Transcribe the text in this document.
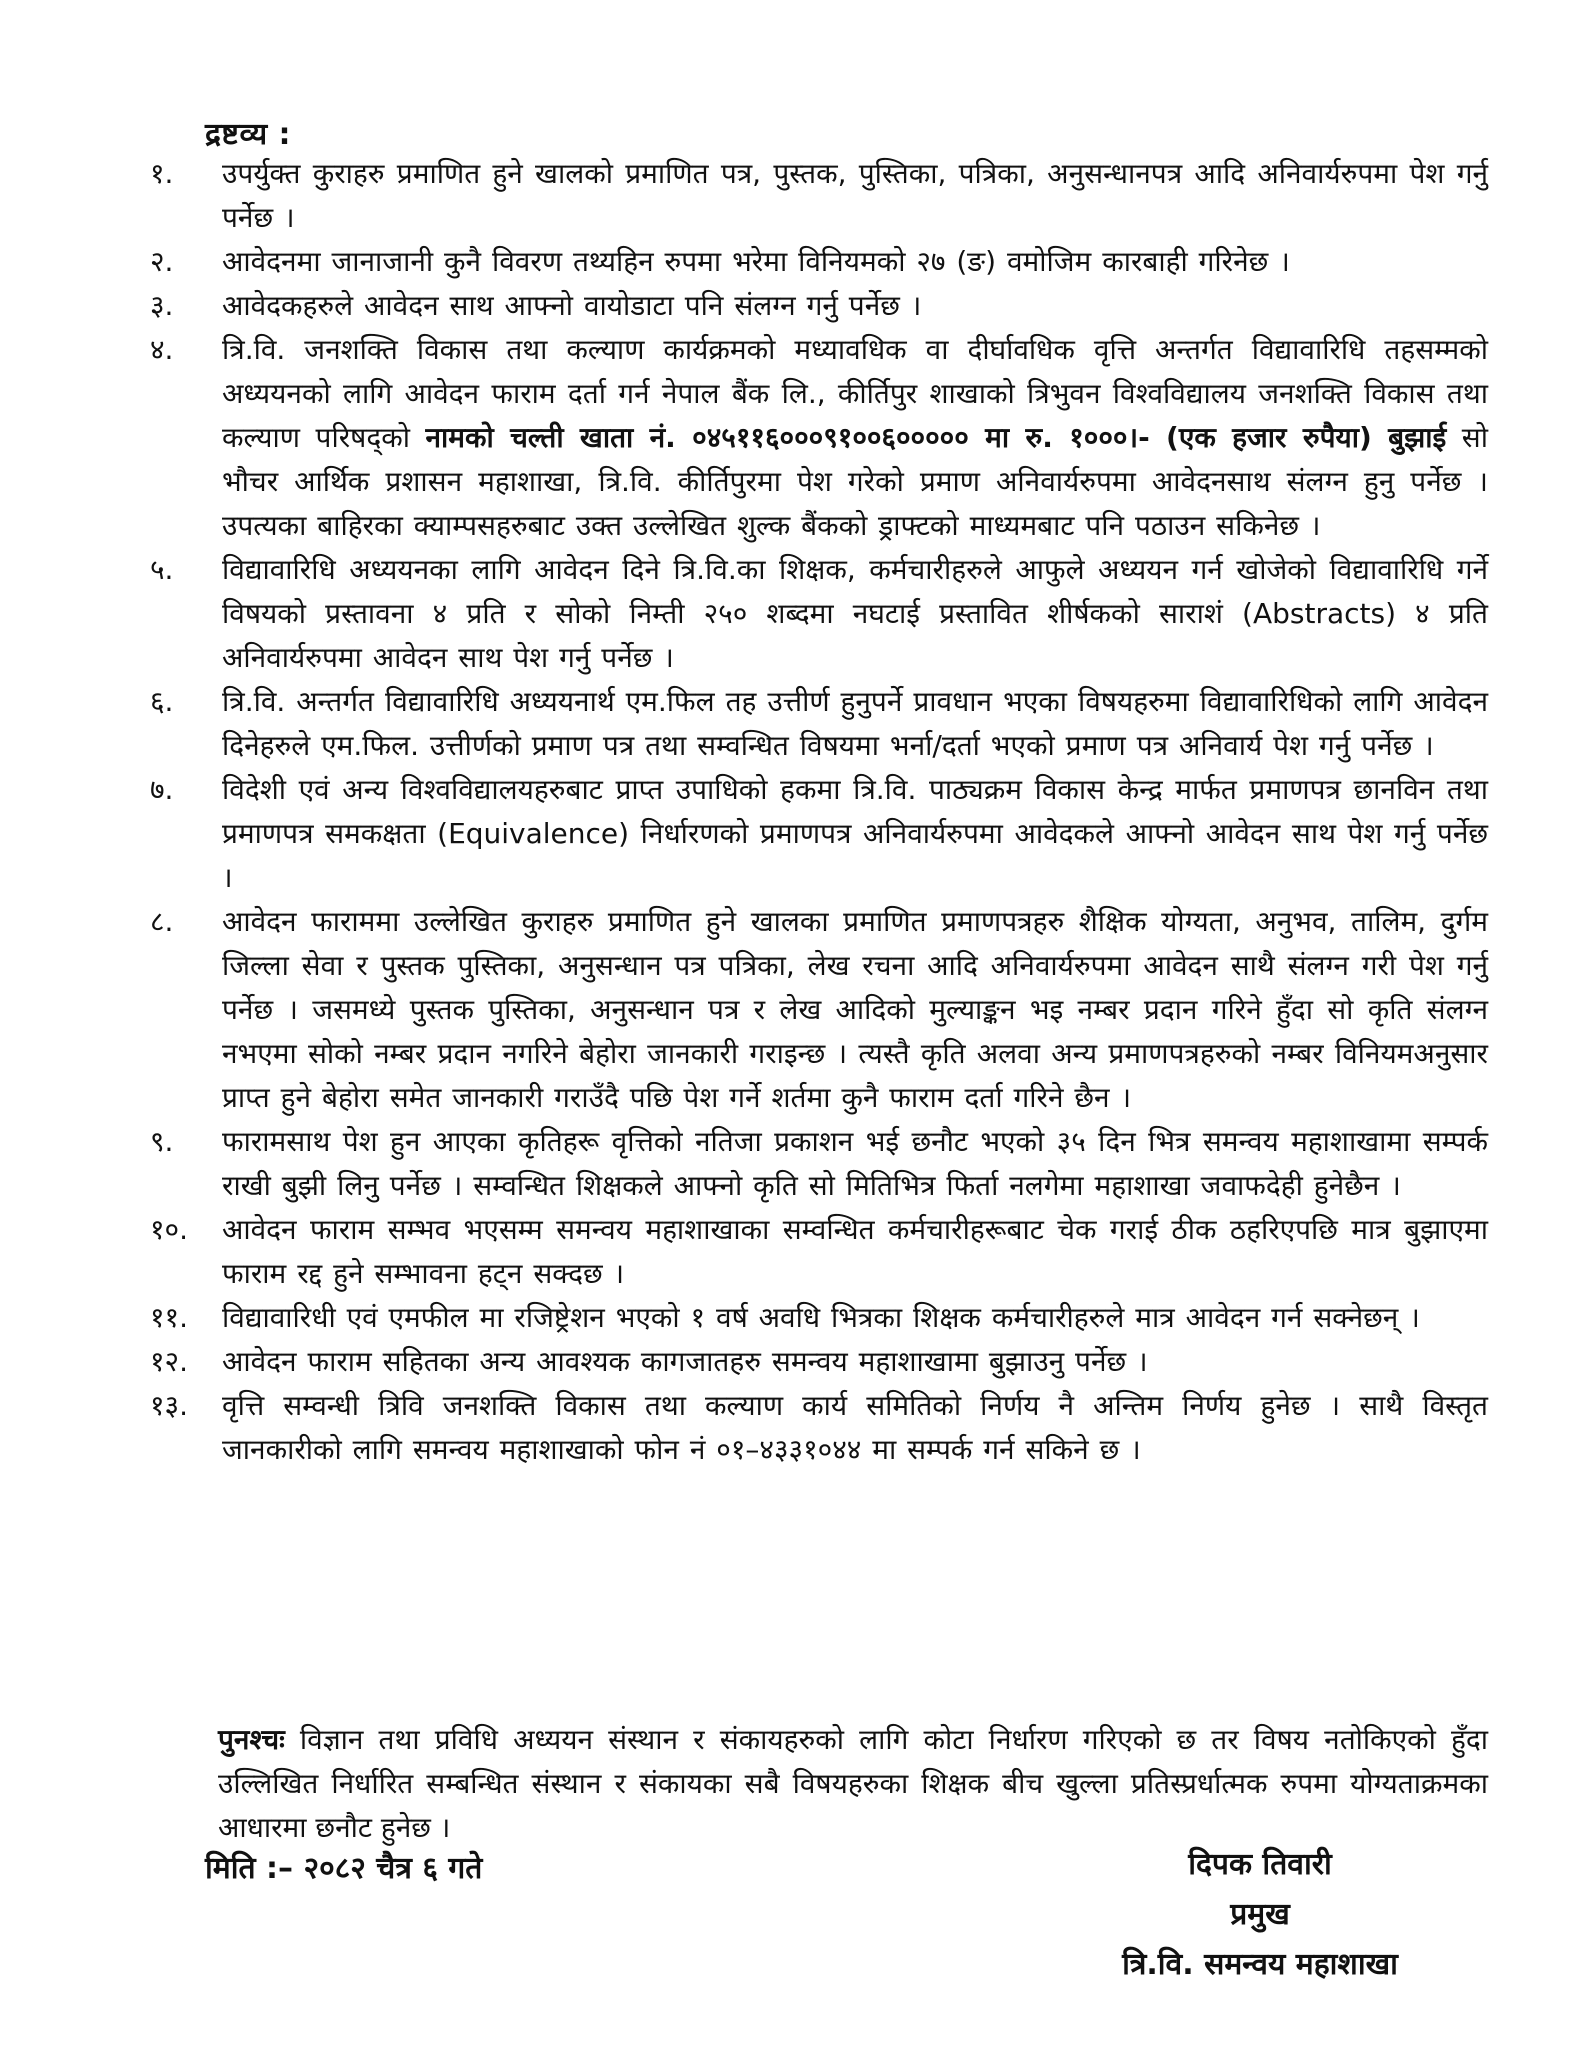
द्रष्टव्य :
१.	उपर्युक्त कुराहरु प्रमाणित हुने खालको प्रमाणित पत्र, पुस्तक, पुस्तिका, पत्रिका, अनुसन्धानपत्र आदि अनिवार्यरुपमा पेश गर्नु पर्नेछ ।
२.	आवेदनमा जानाजानी कुनै विवरण तथ्यहिन रुपमा भरेमा विनियमको २७ (ङ) वमोजिम कारबाही गरिनेछ ।
३.	आवेदकहरुले आवेदन साथ आफ्नो वायोडाटा पनि संलग्न गर्नु पर्नेछ ।
४.	त्रि.वि. जनशक्ति विकास तथा कल्याण कार्यक्रमको मध्यावधिक वा दीर्घावधिक वृत्ति अन्तर्गत विद्यावारिधि तहसम्मको अध्ययनको लागि आवेदन फाराम दर्ता गर्न नेपाल बैंक लि., कीर्तिपुर शाखाको त्रिभुवन विश्वविद्यालय जनशक्ति विकास तथा कल्याण परिषद्को नामको चल्ती खाता नं. ०४५११६०००९१००६००००० मा रु. १०००।- (एक हजार रुपैया) बुझाई सो भौचर आर्थिक प्रशासन महाशाखा, त्रि.वि. कीर्तिपुरमा पेश गरेको प्रमाण अनिवार्यरुपमा आवेदनसाथ संलग्न हुनु पर्नेछ । उपत्यका बाहिरका क्याम्पसहरुबाट उक्त उल्लेखित शुल्क बैंकको ड्राफ्टको माध्यमबाट पनि पठाउन सकिनेछ ।
५.	विद्यावारिधि अध्ययनका लागि आवेदन दिने त्रि.वि.का शिक्षक, कर्मचारीहरुले आफुले अध्ययन गर्न खोजेको विद्यावारिधि गर्ने विषयको प्रस्तावना ४ प्रति र सोको निम्ती २५० शब्दमा नघटाई प्रस्तावित शीर्षकको साराशं (Abstracts) ४ प्रति अनिवार्यरुपमा आवेदन साथ पेश गर्नु पर्नेछ ।
६.	त्रि.वि. अन्तर्गत विद्यावारिधि अध्ययनार्थ एम.फिल तह उत्तीर्ण हुनुपर्ने प्रावधान भएका विषयहरुमा विद्यावारिधिको लागि आवेदन दिनेहरुले एम.फिल. उत्तीर्णको प्रमाण पत्र तथा सम्वन्धित विषयमा भर्ना/दर्ता भएको प्रमाण पत्र अनिवार्य पेश गर्नु पर्नेछ ।
७.	विदेशी एवं अन्य विश्वविद्यालयहरुबाट प्राप्त उपाधिको हकमा त्रि.वि. पाठ्यक्रम विकास केन्द्र मार्फत प्रमाणपत्र छानविन तथा प्रमाणपत्र समकक्षता (Equivalence) निर्धारणको प्रमाणपत्र अनिवार्यरुपमा आवेदकले आफ्नो आवेदन साथ पेश गर्नु पर्नेछ ।
८.	आवेदन फाराममा उल्लेखित कुराहरु प्रमाणित हुने खालका प्रमाणित प्रमाणपत्रहरु शैक्षिक योग्यता, अनुभव, तालिम, दुर्गम जिल्ला सेवा र पुस्तक पुस्तिका, अनुसन्धान पत्र पत्रिका, लेख रचना आदि अनिवार्यरुपमा आवेदन साथै संलग्न गरी पेश गर्नु पर्नेछ । जसमध्ये पुस्तक पुस्तिका, अनुसन्धान पत्र र लेख आदिको मुल्याङ्कन भइ नम्बर प्रदान गरिने हुँदा सो कृति संलग्न नभएमा सोको नम्बर प्रदान नगरिने बेहोरा जानकारी गराइन्छ । त्यस्तै कृति अलवा अन्य प्रमाणपत्रहरुको नम्बर विनियमअनुसार प्राप्त हुने बेहोरा समेत जानकारी गराउँदै पछि पेश गर्ने शर्तमा कुनै फाराम दर्ता गरिने छैन ।
९.	फारामसाथ पेश हुन आएका कृतिहरू वृत्तिको नतिजा प्रकाशन भई छनौट भएको ३५ दिन भित्र समन्वय महाशाखामा सम्पर्क राखी बुझी लिनु पर्नेछ । सम्वन्धित शिक्षकले आफ्नो कृति सो मितिभित्र फिर्ता नलगेमा महाशाखा जवाफदेही हुनेछैन ।
१०.	आवेदन फाराम सम्भव भएसम्म समन्वय महाशाखाका सम्वन्धित कर्मचारीहरूबाट चेक गराई ठीक ठहरिएपछि मात्र बुझाएमा फाराम रद्द हुने सम्भावना हट्न सक्दछ ।
११.	विद्यावारिधी एवं एमफील मा रजिष्ट्रेशन भएको १ वर्ष अवधि भित्रका शिक्षक कर्मचारीहरुले मात्र आवेदन गर्न सक्नेछन् ।
१२.	आवेदन फाराम सहितका अन्य आवश्यक कागजातहरु समन्वय महाशाखामा बुझाउनु पर्नेछ ।
१३.	वृत्ति सम्वन्धी त्रिवि जनशक्ति विकास तथा कल्याण कार्य समितिको निर्णय नै अन्तिम निर्णय हुनेछ । साथै विस्तृत जानकारीको लागि समन्वय महाशाखाको फोन नं ०१–४३३१०४४ मा सम्पर्क गर्न सकिने छ ।
पुनश्चः विज्ञान तथा प्रविधि अध्ययन संस्थान र संकायहरुको लागि कोटा निर्धारण गरिएको छ तर विषय नतोकिएको हुँदा उल्लिखित निर्धारित सम्बन्धित संस्थान र संकायका सबै विषयहरुका शिक्षक बीच खुल्ला प्रतिस्प्रर्धात्मक रुपमा योग्यताक्रमका आधारमा छनौट हुनेछ ।
मिति :– २०८२ चैत्र ६ गते	दिपक तिवारी
प्रमुख
त्रि.वि. समन्वय महाशाखा
